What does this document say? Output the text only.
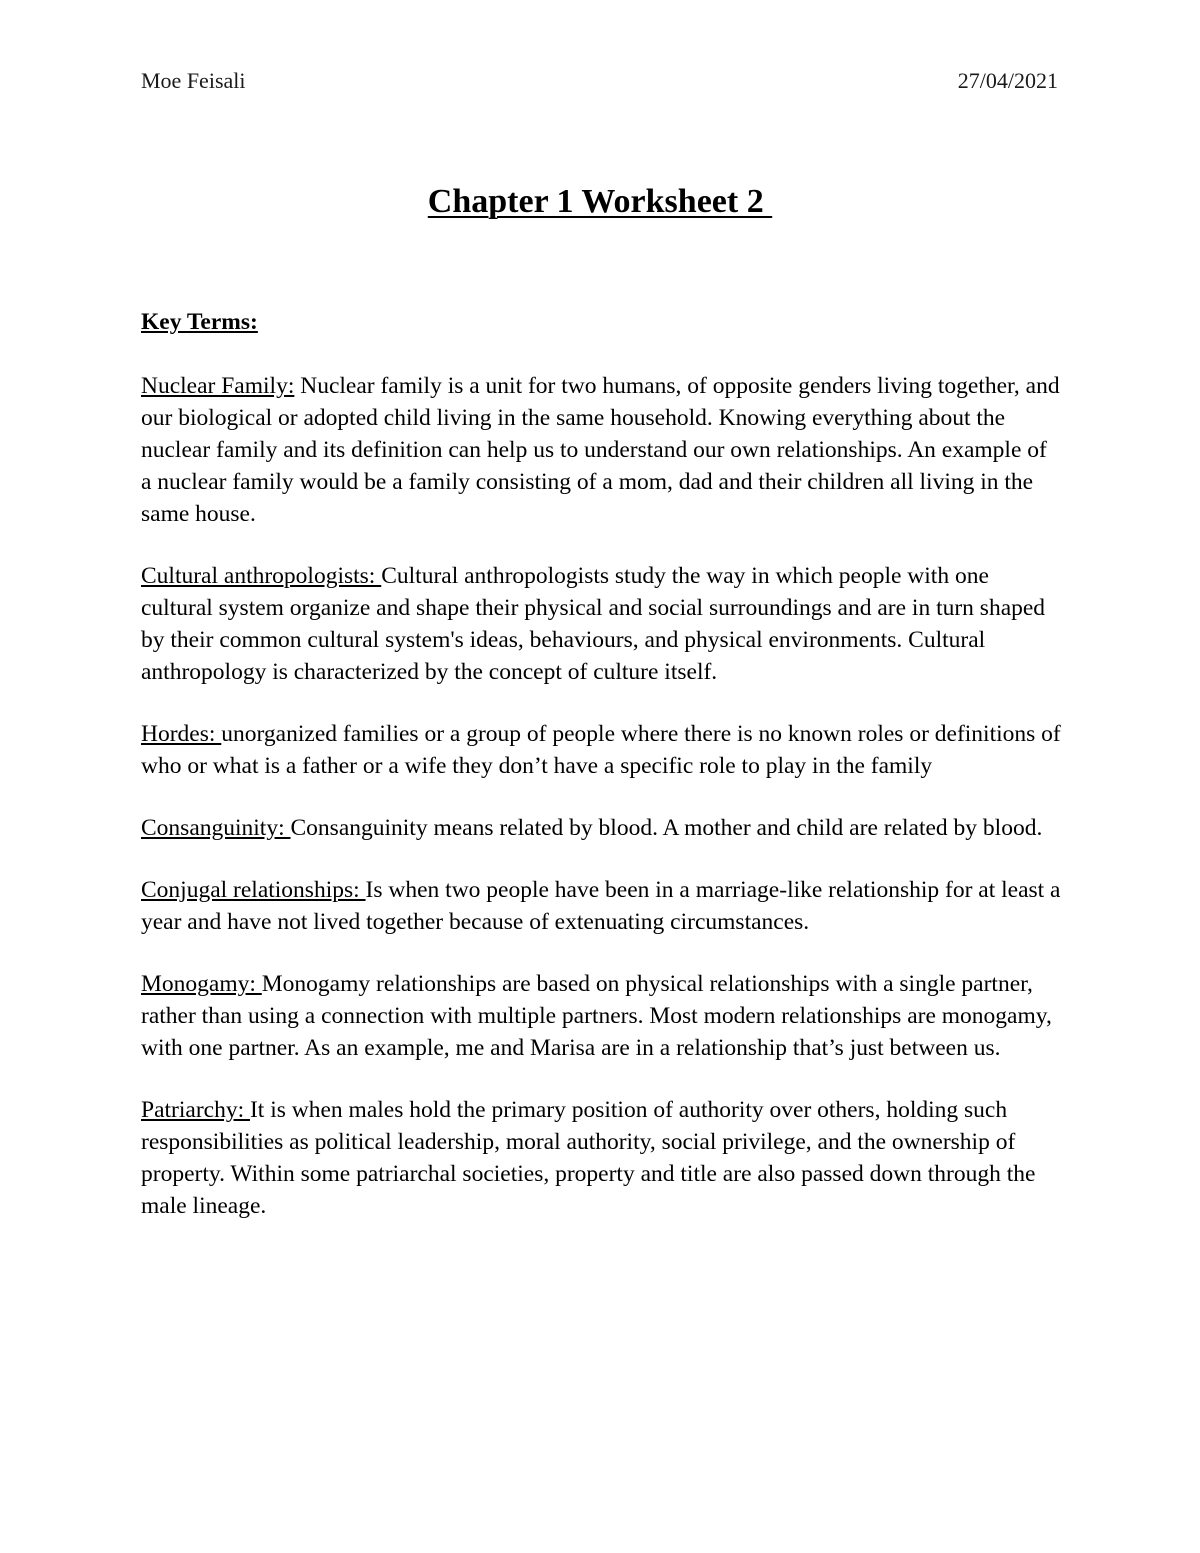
Moe Feisali	27/04/2021
Chapter 1 Worksheet 2
Key Terms:

Nuclear Family: Nuclear family is a unit for two humans, of opposite genders living together, and our biological or adopted child living in the same household. Knowing everything about the nuclear family and its definition can help us to understand our own relationships. An example of a nuclear family would be a family consisting of a mom, dad and their children all living in the same house.

Cultural anthropologists: Cultural anthropologists study the way in which people with one cultural system organize and shape their physical and social surroundings and are in turn shaped by their common cultural system's ideas, behaviours, and physical environments. Cultural anthropology is characterized by the concept of culture itself.

Hordes: unorganized families or a group of people where there is no known roles or definitions of who or what is a father or a wife they don’t have a specific role to play in the family

Consanguinity: Consanguinity means related by blood. A mother and child are related by blood.

Conjugal relationships: Is when two people have been in a marriage-like relationship for at least a year and have not lived together because of extenuating circumstances.

Monogamy: Monogamy relationships are based on physical relationships with a single partner, rather than using a connection with multiple partners. Most modern relationships are monogamy, with one partner. As an example, me and Marisa are in a relationship that’s just between us.

Patriarchy: It is when males hold the primary position of authority over others, holding such responsibilities as political leadership, moral authority, social privilege, and the ownership of property. Within some patriarchal societies, property and title are also passed down through the male lineage.
